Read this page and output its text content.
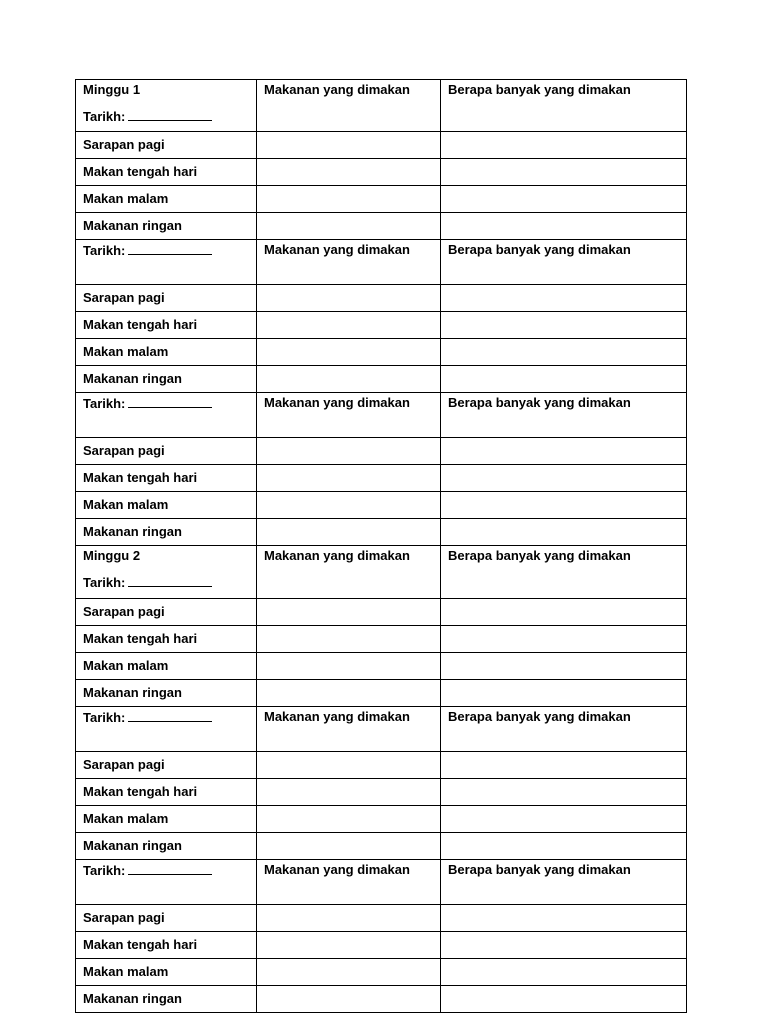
Minggu 1
Tarikh:	Makanan yang dimakan	Berapa banyak yang dimakan
Sarapan pagi		
Makan tengah hari		
Makan malam		
Makanan ringan		

Tarikh:	Makanan yang dimakan	Berapa banyak yang dimakan
Sarapan pagi		
Makan tengah hari		
Makan malam		
Makanan ringan		

Tarikh:	Makanan yang dimakan	Berapa banyak yang dimakan
Sarapan pagi		
Makan tengah hari		
Makan malam		
Makanan ringan		

Minggu 2
Tarikh:	Makanan yang dimakan	Berapa banyak yang dimakan
Sarapan pagi		
Makan tengah hari		
Makan malam		
Makanan ringan		

Tarikh:	Makanan yang dimakan	Berapa banyak yang dimakan
Sarapan pagi		
Makan tengah hari		
Makan malam		
Makanan ringan		

Tarikh:	Makanan yang dimakan	Berapa banyak yang dimakan
Sarapan pagi		
Makan tengah hari		
Makan malam		
Makanan ringan		
